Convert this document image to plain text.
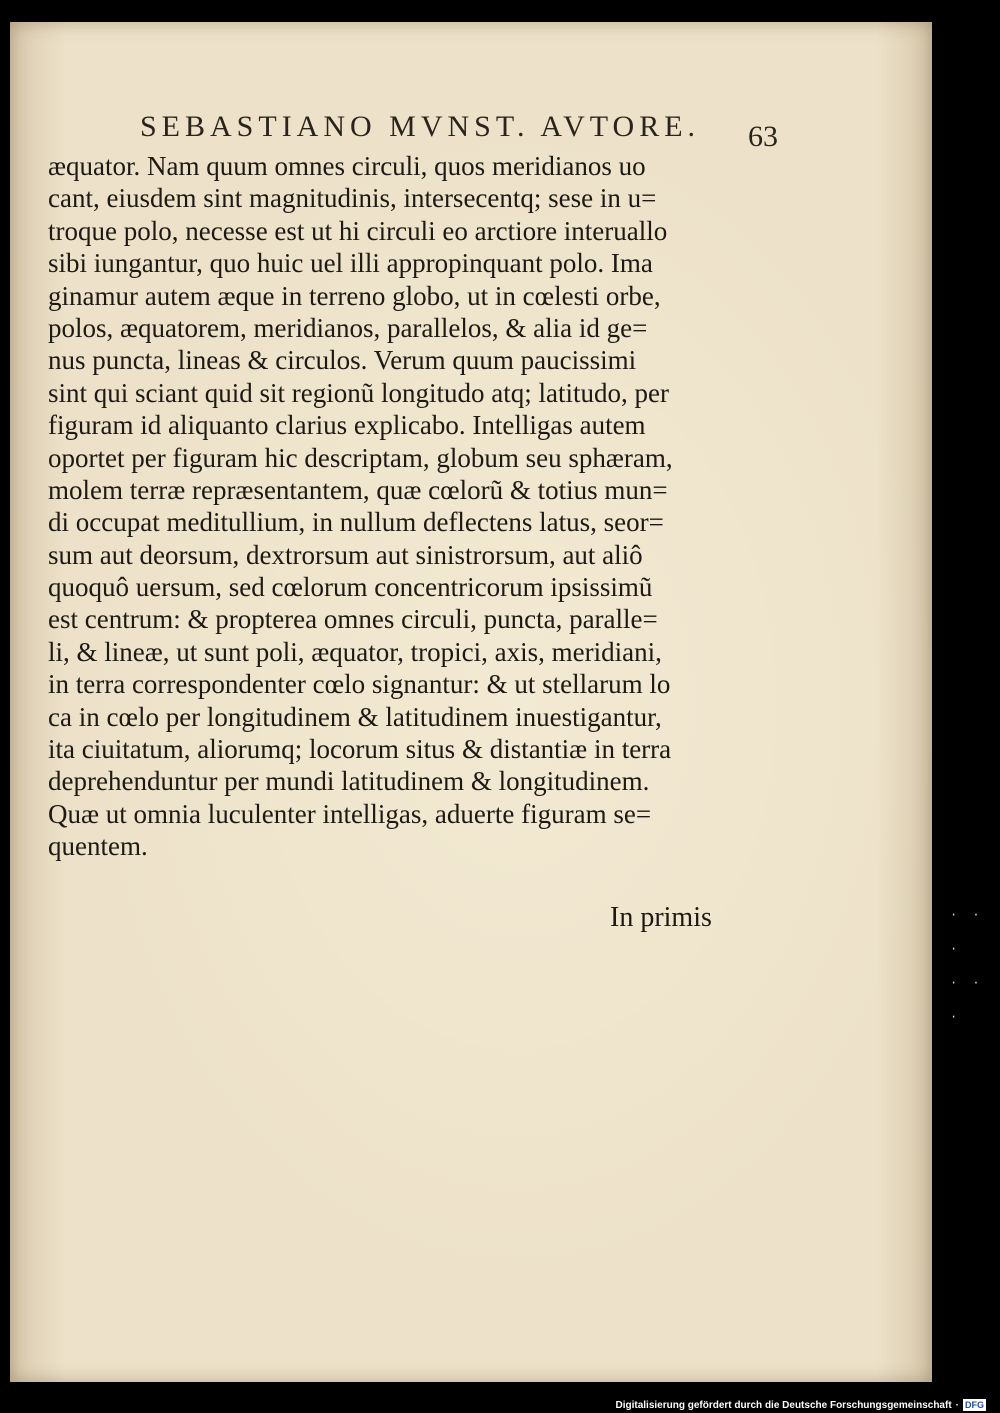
SEBASTIANO MVNST. AVTORE. 63
æquator. Nam quum omnes circuli, quos meridianos uo
cant, eiusdem sint magnitudinis, intersecentq; sese in u=
troque polo, necesse est ut hi circuli eo arctiore interuallo
sibi iungantur, quo huic uel illi appropinquant polo. Ima
ginamur autem æque in terreno globo, ut in cœlesti orbe,
polos, æquatorem, meridianos, parallelos, & alia id ge=
nus puncta, lineas & circulos. Verum quum paucissimi
sint qui sciant quid sit regionũ longitudo atq; latitudo, per
figuram id aliquanto clarius explicabo. Intelligas autem
oportet per figuram hic descriptam, globum seu sphæram,
molem terræ repræsentantem, quæ cœlorũ & totius mun=
di occupat meditullium, in nullum deflectens latus, seor=
sum aut deorsum, dextrorsum aut sinistrorsum, aut aliô
quoquô uersum, sed cœlorum concentricorum ipsissimũ
est centrum: & propterea omnes circuli, puncta, paralle=
li, & lineæ, ut sunt poli, æquator, tropici, axis, meridiani,
in terra correspondenter cœlo signantur: & ut stellarum lo
ca in cœlo per longitudinem & latitudinem inuestigantur,
ita ciuitatum, aliorumq; locorum situs & distantiæ in terra
deprehenduntur per mundi latitudinem & longitudinem.
Quæ ut omnia luculenter intelligas, aduerte figuram se=
quentem.
In primis	· · ·
· · ·
Digitalisierung gefördert durch die Deutsche Forschungsgemeinschaft · DFG
